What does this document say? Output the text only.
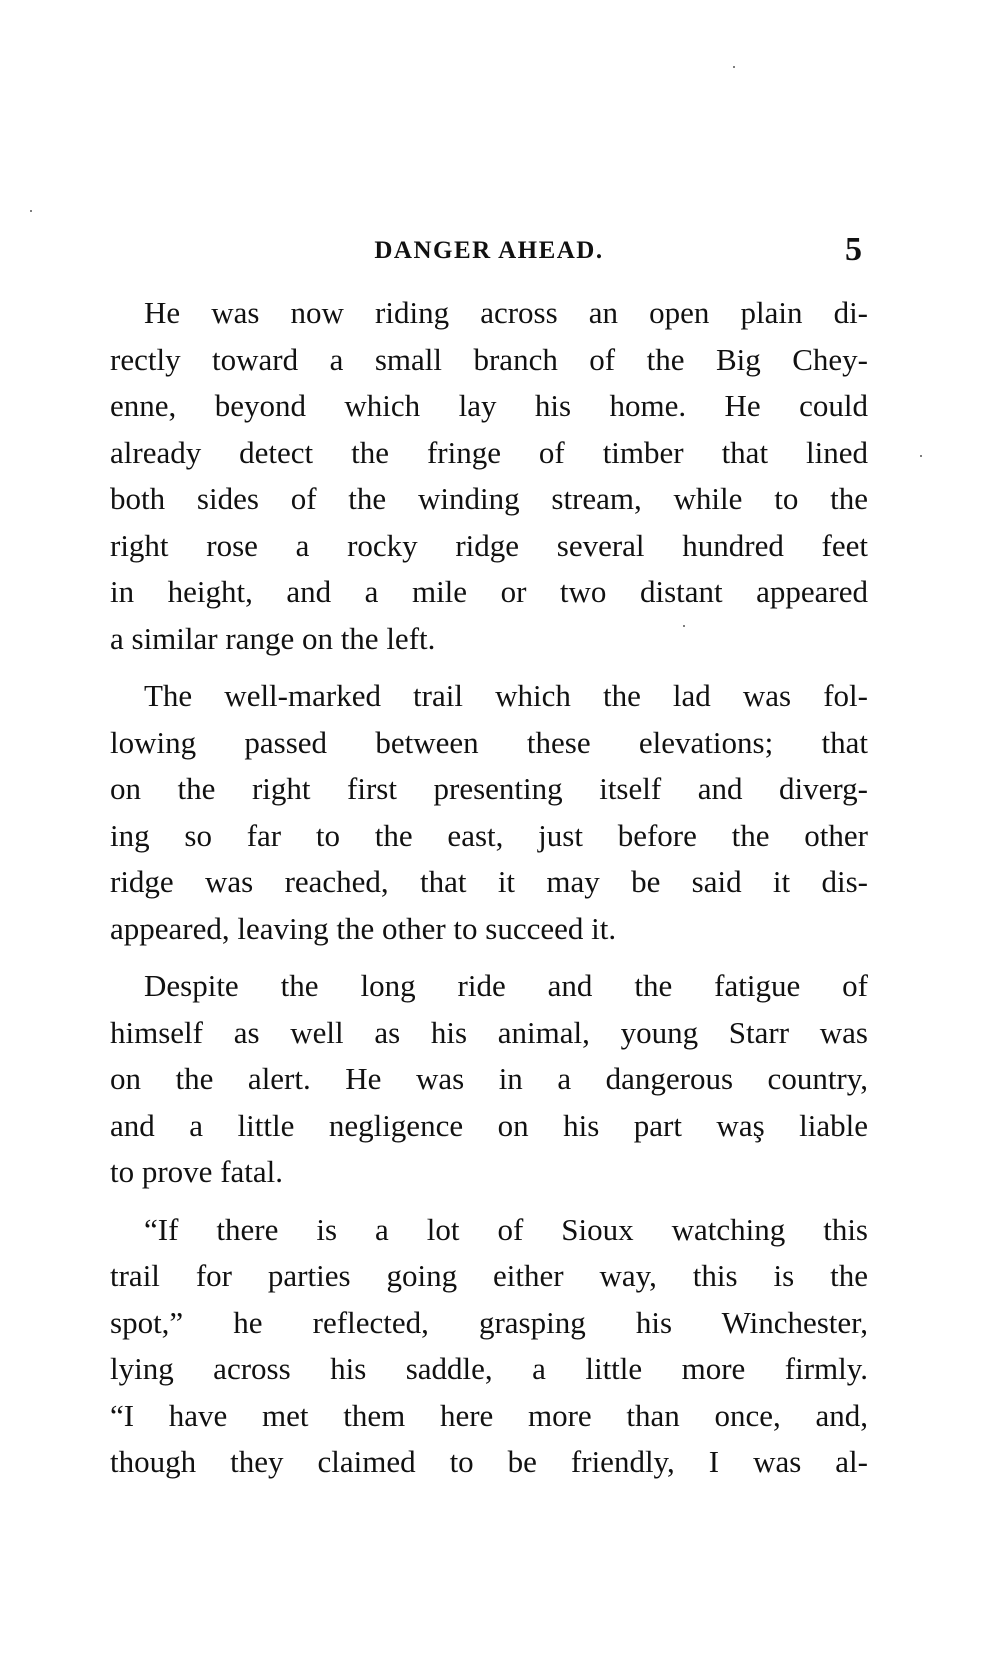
DANGER AHEAD.	5
He was now riding across an open plain di-
rectly toward a small branch of the Big Chey-
enne, beyond which lay his home. He could
already detect the fringe of timber that lined
both sides of the winding stream, while to the
right rose a rocky ridge several hundred feet
in height, and a mile or two distant appeared
a similar range on the left.
The well-marked trail which the lad was fol-
lowing passed between these elevations; that
on the right first presenting itself and diverg-
ing so far to the east, just before the other
ridge was reached, that it may be said it dis-
appeared, leaving the other to succeed it.
Despite the long ride and the fatigue of
himself as well as his animal, young Starr was
on the alert. He was in a dangerous country,
and a little negligence on his part waş liable
to prove fatal.
“If there is a lot of Sioux watching this
trail for parties going either way, this is the
spot,” he reflected, grasping his Winchester,
lying across his saddle, a little more firmly.
“I have met them here more than once, and,
though they claimed to be friendly, I was al-
